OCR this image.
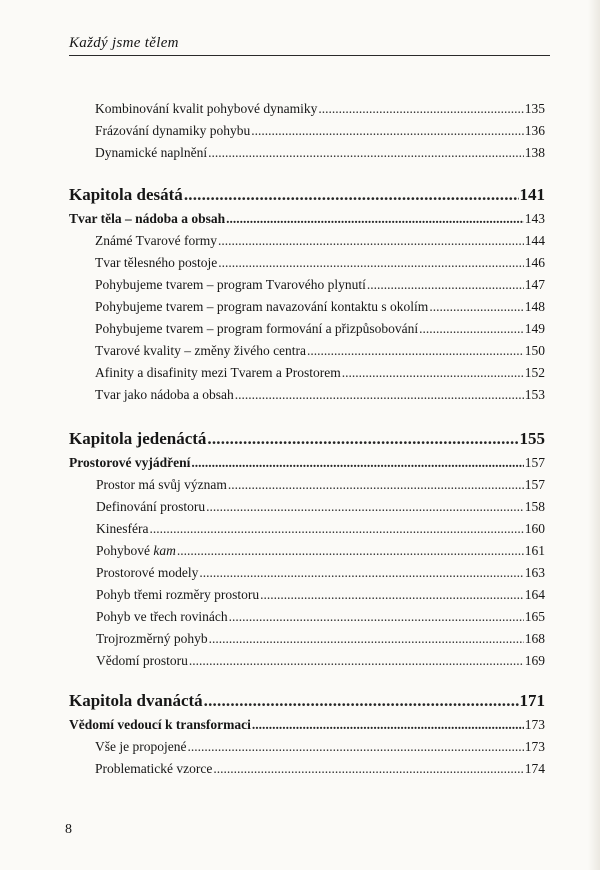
Každý jsme tělem
Kombinování kvalit pohybové dynamiky .....	135
Frázování dynamiky pohybu .....	136
Dynamické naplnění .....	138
Kapitola desátá .....	141
Tvar těla – nádoba a obsah .....	143
Známé Tvarové formy .....	144
Tvar tělesného postoje .....	146
Pohybujeme tvarem – program Tvarového plynutí .....	147
Pohybujeme tvarem – program navazování kontaktu s okolím .....	148
Pohybujeme tvarem – program formování a přizpůsobování .....	149
Tvarové kvality – změny živého centra .....	150
Afinity a disafinity mezi Tvarem a Prostorem .....	152
Tvar jako nádoba a obsah .....	153
Kapitola jedenáctá .....	155
Prostorové vyjádření .....	157
Prostor má svůj význam .....	157
Definování prostoru .....	158
Kinesféra .....	160
Pohybové kam .....	161
Prostorové modely .....	163
Pohyb třemi rozměry prostoru .....	164
Pohyb ve třech rovinách .....	165
Trojrozměrný pohyb .....	168
Vědomí prostoru .....	169
Kapitola dvanáctá .....	171
Vědomí vedoucí k transformaci .....	173
Vše je propojené .....	173
Problematické vzorce .....	174
8
